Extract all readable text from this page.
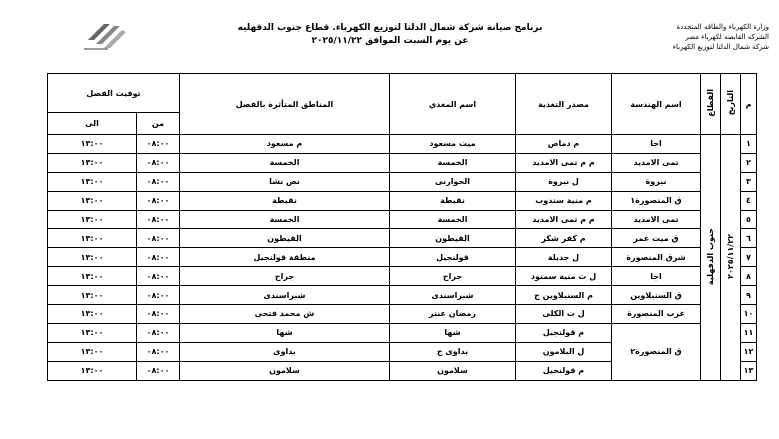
وزارة الكهرباء والطاقه المتجددة
الشركه القابضه لكهرباء مصر
شركة شمال الدلتا لتوزيع الكهرباء
برنامج صيانة شركة شمال الدلتا لتوزيع الكهرباء. قطاع جنوب الدقهليه
عن يوم السبت الموافق ٢٠٢٥/١١/٢٢
م	التاريخ	القطاع	اسم الهندسة	مصدر التغذية	اسم المغذي	المناطق المتأثرة بالفصل	توقيت الفصل	
							من	الى
١	٢٠٢٥/١١/٢٢	جنوب الدقهلية	اجا	م دماص	ميت مسعود	م مسعود	٠٨:٠٠	١٣:٠٠
٢			تمى الامديد	م م تمى الامديد	الخمسة	الخمسة	٠٨:٠٠	١٣:٠٠
٣			نبروة	ل نبروة	الحوارنى	نص نشا	٠٨:٠٠	١٣:٠٠
٤			ق المنصورة١	م منية سندوب	نقيطة	نقيطة	٠٨:٠٠	١٣:٠٠
٥			تمى الامديد	م م تمى الامديد	الخمسة	الخمسة	٠٨:٠٠	١٣:٠٠
٦			ق ميت غمر	م كفر شكر	القيطون	القيطون	٠٨:٠٠	١٣:٠٠
٧			شرق المنصورة	ل جديلة	قولنجيل	منطقة قولنجيل	٠٨:٠٠	١٣:٠٠
٨			اجا	ل ت منية سمنود	جراح	جراح	٠٨:٠٠	١٣:٠٠
٩			ق السنبلاوين	م السنبلاوين ج	شبراسندى	شبراسندى	٠٨:٠٠	١٣:٠٠
١٠			غرب المنصورة	ل ت الكلى	رمضان عنتر	ش محمد فتحى	٠٨:٠٠	١٣:٠٠
١١			ق المنصورة٢	م قولنجيل	شها	شها	٠٨:٠٠	١٣:٠٠
١٢				ل البلامون	بداوى ج	بداوى	٠٨:٠٠	١٣:٠٠
١٣				م قولنجيل	سلامون	سلامون	٠٨:٠٠	١٣:٠٠
